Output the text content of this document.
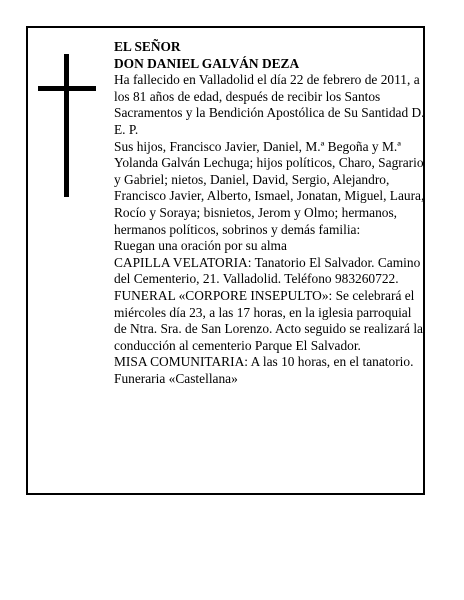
EL SEÑOR

DON DANIEL GALVÁN DEZA

Ha fallecido en Valladolid el día 22 de febrero de 2011, a los 81 años de edad, después de recibir los Santos Sacramentos y la Bendición Apostólica de Su Santidad D. E. P.

Sus hijos, Francisco Javier, Daniel, M.ª Begoña y M.ª Yolanda Galván Lechuga; hijos políticos, Charo, Sagrario y Gabriel; nietos, Daniel, David, Sergio, Alejandro, Francisco Javier, Alberto, Ismael, Jonatan, Miguel, Laura, Rocío y Soraya; bisnietos, Jerom y Olmo; hermanos, hermanos políticos, sobrinos y demás familia:

Ruegan una oración por su alma

CAPILLA VELATORIA: Tanatorio El Salvador. Camino del Cementerio, 21. Valladolid. Teléfono 983260722.

FUNERAL «CORPORE INSEPULTO»: Se celebrará el miércoles día 23, a las 17 horas, en la iglesia parroquial de Ntra. Sra. de San Lorenzo. Acto seguido se realizará la conducción al cementerio Parque El Salvador.

MISA COMUNITARIA: A las 10 horas, en el tanatorio.

Funeraria «Castellana»
